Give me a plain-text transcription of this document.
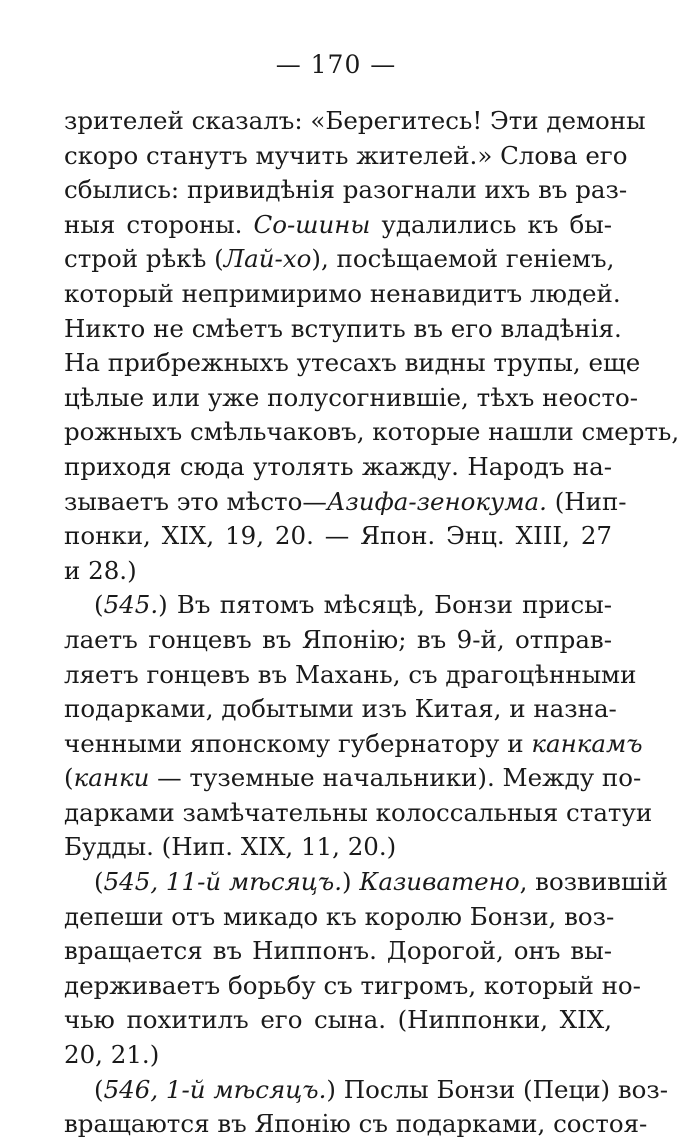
— 170 —
зрителей сказалъ: «Берегитесь! Эти демоны
скоро станутъ мучить жителей.» Слова его
сбылись: привидѣнія разогнали ихъ въ раз-
ныя стороны. Со-шины удалились къ бы-
строй рѣкѣ (Лай-хо), посѣщаемой геніемъ,
который непримиримо ненавидитъ людей.
Никто не смѣетъ вступить въ его владѣнія.
На прибрежныхъ утесахъ видны трупы, еще
цѣлые или уже полусогнившіе, тѣхъ неосто-
рожныхъ смѣльчаковъ, которые нашли смерть,
приходя сюда утолять жажду. Народъ на-
зываетъ это мѣсто—Азифа-зенокума. (Нип-
понки, XIX, 19, 20. — Япон. Энц. XIII, 27
и 28.)
(545.) Въ пятомъ мѣсяцѣ, Бонзи присы-
лаетъ гонцевъ въ Японію; въ 9-й, отправ-
ляетъ гонцевъ въ Махань, съ драгоцѣнными
подарками, добытыми изъ Китая, и назна-
ченными японскому губернатору и канкамъ
(канки — туземные начальники). Между по-
дарками замѣчательны колоссальныя статуи
Будды. (Нип. XIX, 11, 20.)
(545, 11-й мѣсяцъ.) Казиватено, возвившій
депеши отъ микадо къ королю Бонзи, воз-
вращается въ Ниппонъ. Дорогой, онъ вы-
держиваетъ борьбу съ тигромъ, который но-
чью похитилъ его сына. (Ниппонки, XIX,
20, 21.)
(546, 1-й мѣсяцъ.) Послы Бонзи (Пеци) воз-
вращаются въ Японію съ подарками, состоя-
